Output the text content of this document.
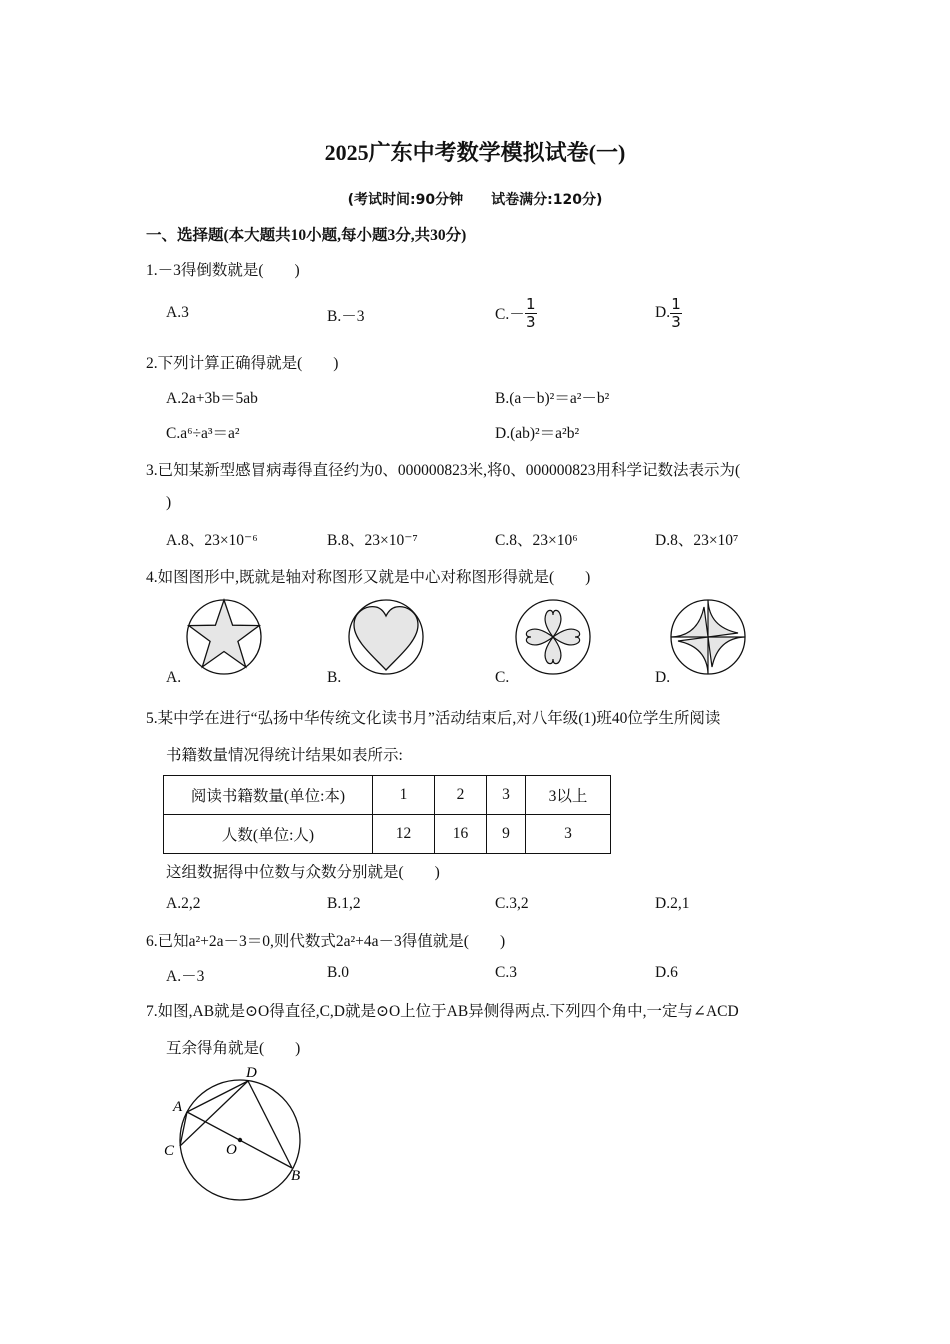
2025广东中考数学模拟试卷(一)
(考试时间:90分钟　　试卷满分:120分)
一、选择题(本大题共10小题,每小题3分,共30分)
1.－3得倒数就是(　　)
A.3	B.－3	$C.- \frac{1}{3}$	D. $\frac{1}{3}$
2.下列计算正确得就是(　　)
A.2a+3b＝5ab	B.(a－b)²＝a²－b²
C.a⁶÷a³＝a²	D.(ab)²＝a²b²
3.已知某新型感冒病毒得直径约为0、000000823米,将0、000000823用科学记数法表示为(
)
A.8、23×10⁻⁶	B.8、23×10⁻⁷	C.8、23×10⁶	D.8、23×10⁷
4.如图图形中,既就是轴对称图形又就是中心对称图形得就是(　　)
A.	B.	C.	D.
5.某中学在进行“弘扬中华传统文化读书月”活动结束后,对八年级(1)班40位学生所阅读
书籍数量情况得统计结果如表所示:
阅读书籍数量(单位:本)	1	2	3	3以上
人数(单位:人)	12	16	9	3
这组数据得中位数与众数分别就是(　　)
A.2,2	B.1,2	C.3,2	D.2,1
6.已知a²+2a－3＝0,则代数式2a²+4a－3得值就是(　　)
A.－3	B.0	C.3	D.6
7.如图,AB就是⊙O得直径,C,D就是⊙O上位于AB异侧得两点.下列四个角中,一定与∠ACD
互余得角就是(　　)
A
D
C
B
O
